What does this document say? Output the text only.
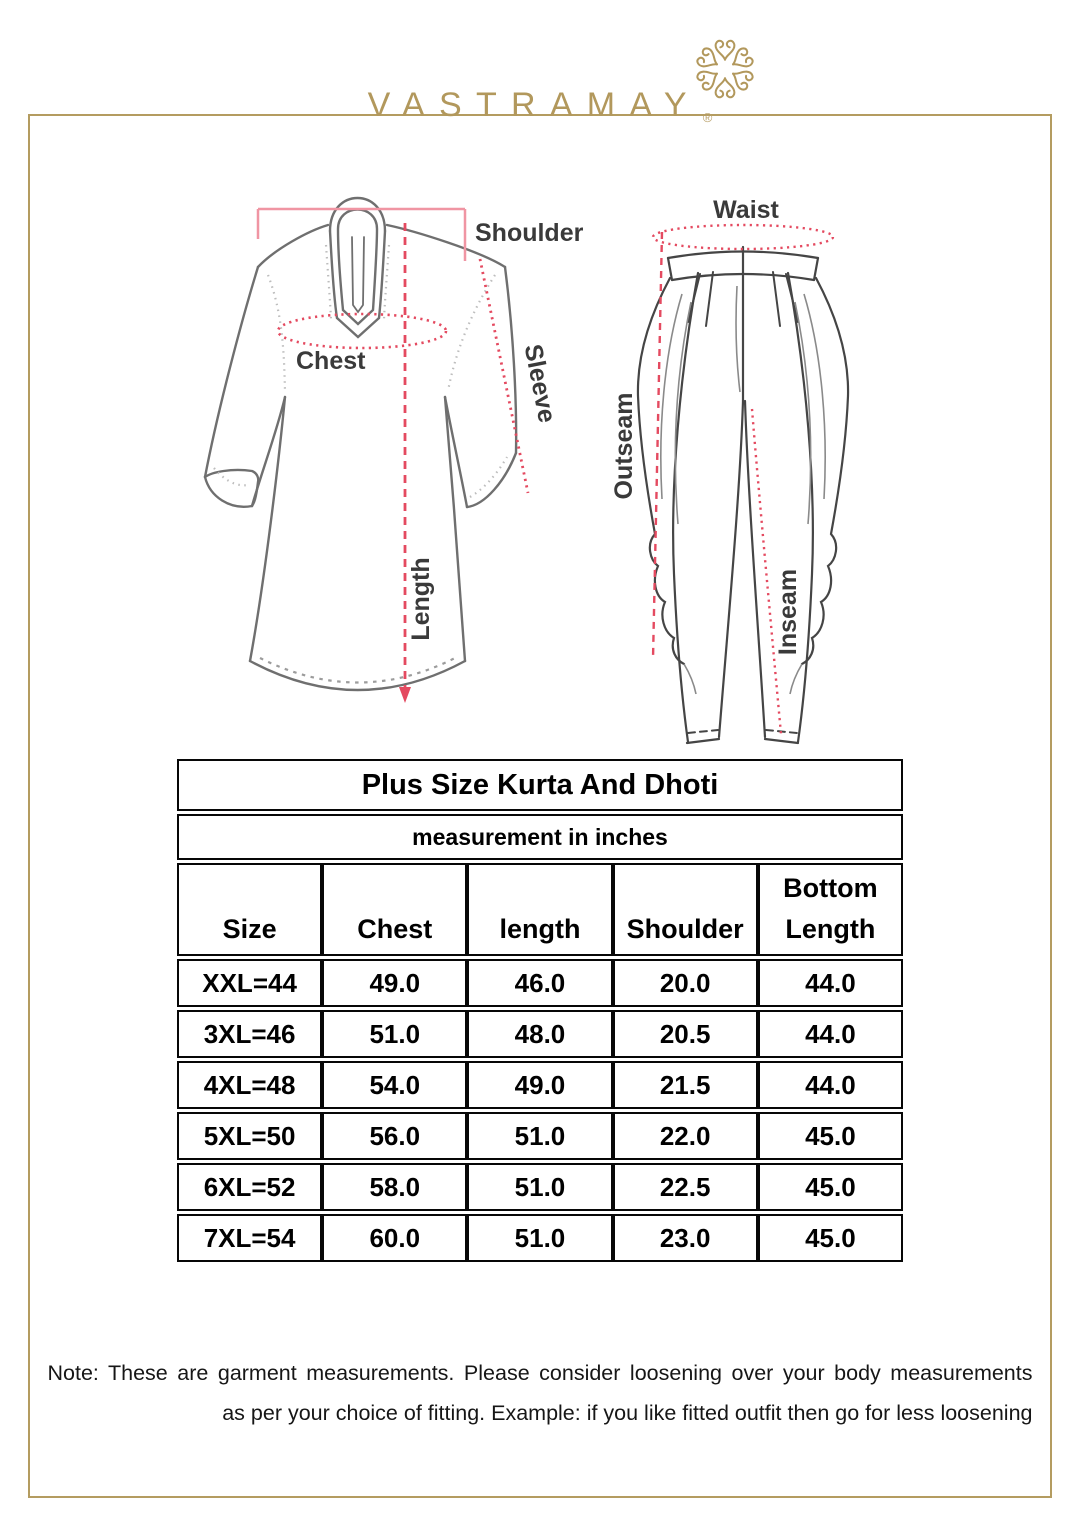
VASTRAMAY $_®$
Shoulder
Chest	Sleeve
Length
Waist
Outseam
Inseam
Plus Size Kurta And Dhoti				
measurement in inches				
Size	Chest	length	Shoulder	Bottom Length
XXL=44	49.0	46.0	20.0	44.0
3XL=46	51.0	48.0	20.5	44.0
4XL=48	54.0	49.0	21.5	44.0
5XL=50	56.0	51.0	22.0	45.0
6XL=52	58.0	51.0	22.5	45.0
7XL=54	60.0	51.0	23.0	45.0
Note: These are garment measurements. Please consider loosening over your body measurements
as per your choice of fitting. Example: if you like fitted outfit then go for less loosening
